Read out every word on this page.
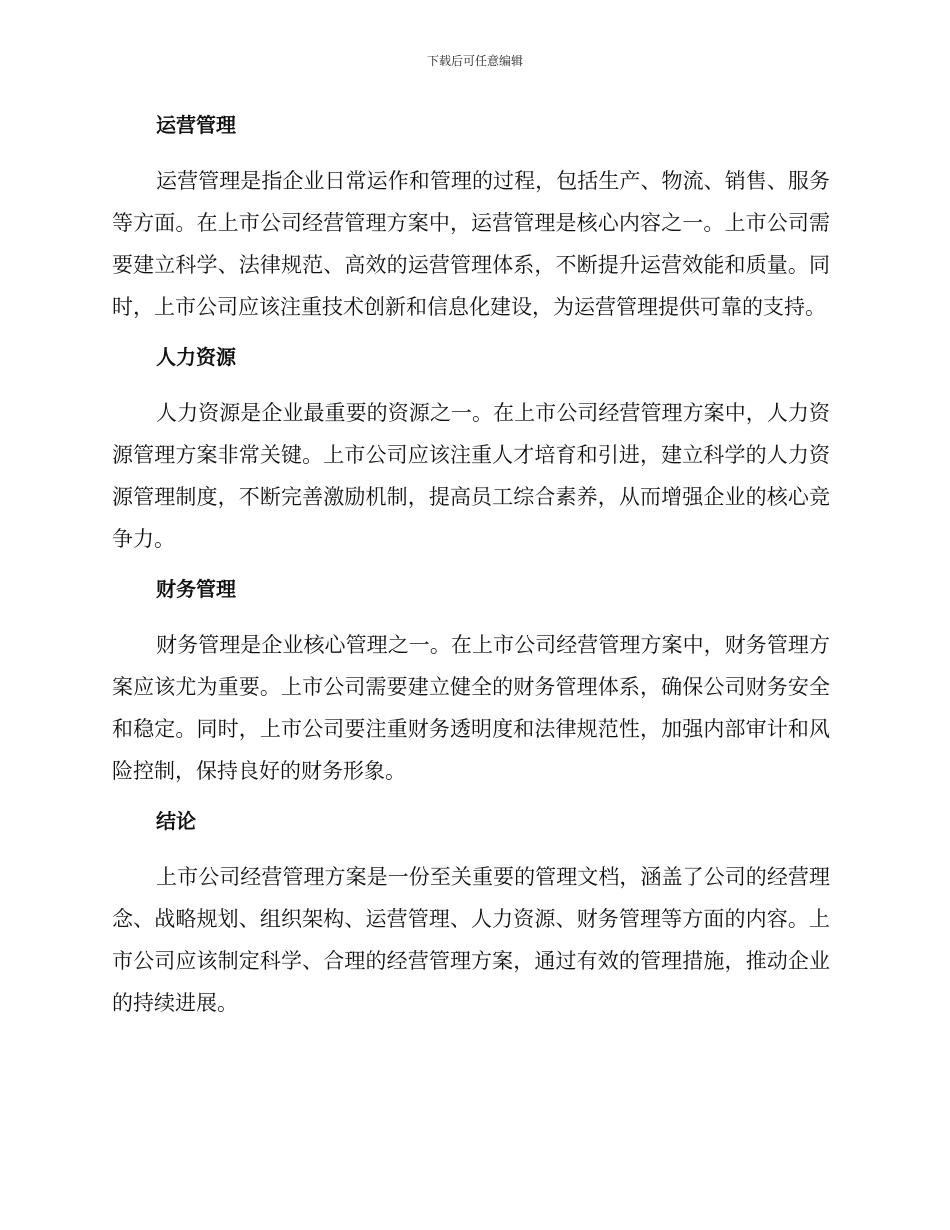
下载后可任意编辑
运营管理

运营管理是指企业日常运作和管理的过程，包括生产、物流、销售、服务等方面。在上市公司经营管理方案中，运营管理是核心内容之一。上市公司需要建立科学、法律规范、高效的运营管理体系，不断提升运营效能和质量。同时，上市公司应该注重技术创新和信息化建设，为运营管理提供可靠的支持。

人力资源

人力资源是企业最重要的资源之一。在上市公司经营管理方案中，人力资源管理方案非常关键。上市公司应该注重人才培育和引进，建立科学的人力资源管理制度，不断完善激励机制，提高员工综合素养，从而增强企业的核心竞争力。

财务管理

财务管理是企业核心管理之一。在上市公司经营管理方案中，财务管理方案应该尤为重要。上市公司需要建立健全的财务管理体系，确保公司财务安全和稳定。同时，上市公司要注重财务透明度和法律规范性，加强内部审计和风险控制，保持良好的财务形象。

结论

上市公司经营管理方案是一份至关重要的管理文档，涵盖了公司的经营理念、战略规划、组织架构、运营管理、人力资源、财务管理等方面的内容。上市公司应该制定科学、合理的经营管理方案，通过有效的管理措施，推动企业的持续进展。
